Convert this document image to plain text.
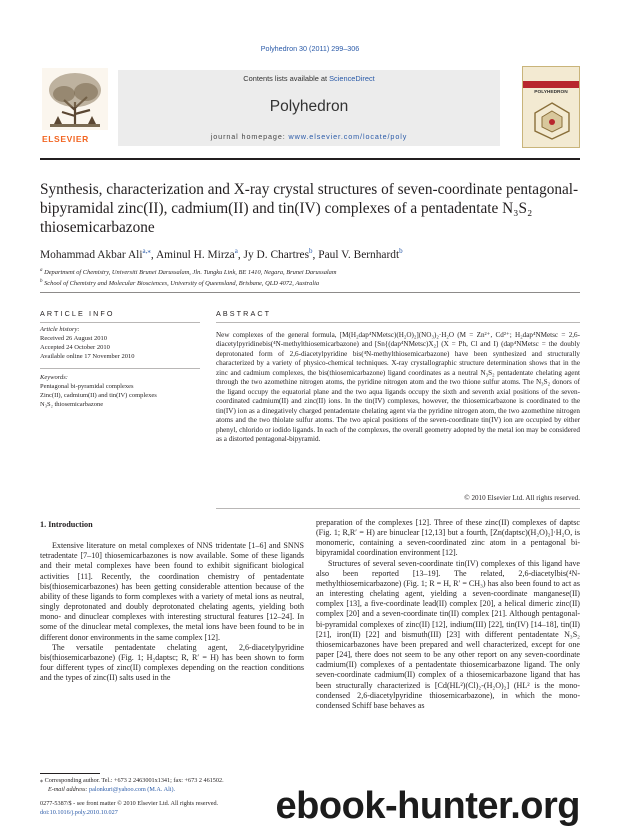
Polyhedron 30 (2011) 299–306
ELSEVIER
Contents lists available at ScienceDirect
Polyhedron
journal homepage: www.elsevier.com/locate/poly
POLYHEDRON
Synthesis, characterization and X-ray crystal structures of seven-coordinate pentagonal-bipyramidal zinc(II), cadmium(II) and tin(IV) complexes of a pentadentate N₃S₂ thiosemicarbazone
Mohammad Akbar Ali$^{a,⁎}$, Aminul H. Mirza$^a$, Jy D. Chartres$^b$, Paul V. Bernhardt$^b$
$^a$ Department of Chemistry, Universiti Brunei Darussalam, Jln. Tungku Link, BE 1410, Negara, Brunei Darussalam
$^b$ School of Chemistry and Molecular Biosciences, University of Queensland, Brisbane, QLD 4072, Australia
ARTICLE INFO	ABSTRACT
Article history:
Received 26 August 2010
Accepted 24 October 2010
Available online 17 November 2010
Keywords:
Pentagonal bi-pyramidal complexes
Zinc(II), cadmium(II) and tin(IV) complexes
N₃S₂ thiosemicarbazone

New complexes of the general formula, [M(H₂dap⁴NMetsc)(H₂O)₂](NO₃)₂·H₂O (M = Zn²⁺, Cd²⁺; H₂dap⁴NMetsc = 2,6-diacetylpyridinebis(⁴N-methylthiosemicarbazone) and [Sn{(dap⁴NMetsc)X₂] (X = Ph, Cl and I) (dap⁴NMetsc = the doubly deprotonated form of 2,6-diacetylpyridine bis(⁴N-methylthiosemicarbazone) have been synthesized and structurally characterized by a variety of physico-chemical techniques. X-ray crystallographic structure determination shows that in the zinc and cadmium complexes, the bis(thiosemicarbazone) ligand coordinates as a neutral N₃S₂ pentadentate chelating agent through the two azomethine nitrogen atoms, the pyridine nitrogen atom and the two thione sulfur atoms. The N₃S₂ donors of the ligand occupy the equatorial plane and the two aqua ligands occupy the sixth and seventh axial positions of the seven-coordinated cadmium(II) and zinc(II) ions. In the tin(IV) complexes, however, the thiosemicarbazone is coordinated to the tin(IV) ion as a dinegatively charged pentadentate chelating agent via the pyridine nitrogen atom, the two azomethine nitrogen atoms and the two thiolate sulfur atoms. The two apical positions of the seven-coordinate tin(IV) ion are occupied by either phenyl, chlorido or iodido ligands. In each of the complexes, the overall geometry adopted by the metal ion may be considered as a distorted pentagonal-bipyramid.

© 2010 Elsevier Ltd. All rights reserved.
1. Introduction

Extensive literature on metal complexes of NNS tridentate [1–6] and SNNS tetradentate [7–10] thiosemicarbazones is now available. Some of these ligands and their metal complexes have been found to exhibit significant biological activities [11]. Recently, the coordination chemistry of pentadentate bis(thiosemicarbazones) has been getting considerable attention because of the ability of these ligands to form complexes with a variety of metal ions as neutral, singly deprotonated and doubly deprotonated chelating agents, yielding both mono- and dinuclear complexes with interesting structural features [12–24]. In some of the dinuclear metal complexes, the metal ions have been found to be in different donor environments in the same complex [12].

The versatile pentadentate chelating agent, 2,6-diacetylpyridine bis(thiosemicarbazone) (Fig. 1; H₂daptsc; R, R′ = H) has been shown to form four different types of zinc(II) complexes depending on the reaction conditions and the types of zinc(II) salts used in the

preparation of the complexes [12]. Three of these zinc(II) complexes of daptsc (Fig. 1; R,R′ = H) are binuclear [12,13] but a fourth, [Zn(daptsc)(H₂O)₂]·H₂O, is monomeric, containing a seven-coordinated zinc atom in a pentagonal bi-bipyramidal coordination environment [12].

Structures of several seven-coordinate tin(IV) complexes of this ligand have also been reported [13–19]. The related, 2,6-diacetylbis(⁴N-methylthiosemicarbazone) (Fig. 1; R = H, R′ = CH₃) has also been found to act as an interesting chelating agent, yielding a seven-coordinate manganese(II) complex [13], a five-coordinate lead(II) complex [20], a helical dimeric zinc(II) complex [20] and a seven-coordinate tin(II) complex [21]. Although pentagonal-bi-pyramidal complexes of zinc(II) [12], indium(III) [22], tin(IV) [14–18], tin(II) [21], iron(II) [22] and bismuth(III) [23] with different pentadentate N₃S₂ thiosemicarbazones have been prepared and well characterized, except for one paper [24], there does not seem to be any other report on any seven-coordinate cadmium(II) complexes of a pentadentate thiosemicarbazone ligand. The only seven-coordinate cadmium(II) complex of a thiosemicarbazone ligand that has been structurally characterized is [Cd(HL²)(Cl)₂-(H₂O)₂] (HL² is the mono-condensed 2,6-diacetylpyridine thiosemicarbazone), in which the mono-condensed Schiff base behaves as

⁎ Corresponding author. Tel.: +673 2 2463001x1341; fax: +673 2 461502.
E-mail address: palonkuri@yahoo.com (M.A. Ali).
0277-5387/$ - see front matter © 2010 Elsevier Ltd. All rights reserved.
doi:10.1016/j.poly.2010.10.027	ebook-hunter.org
